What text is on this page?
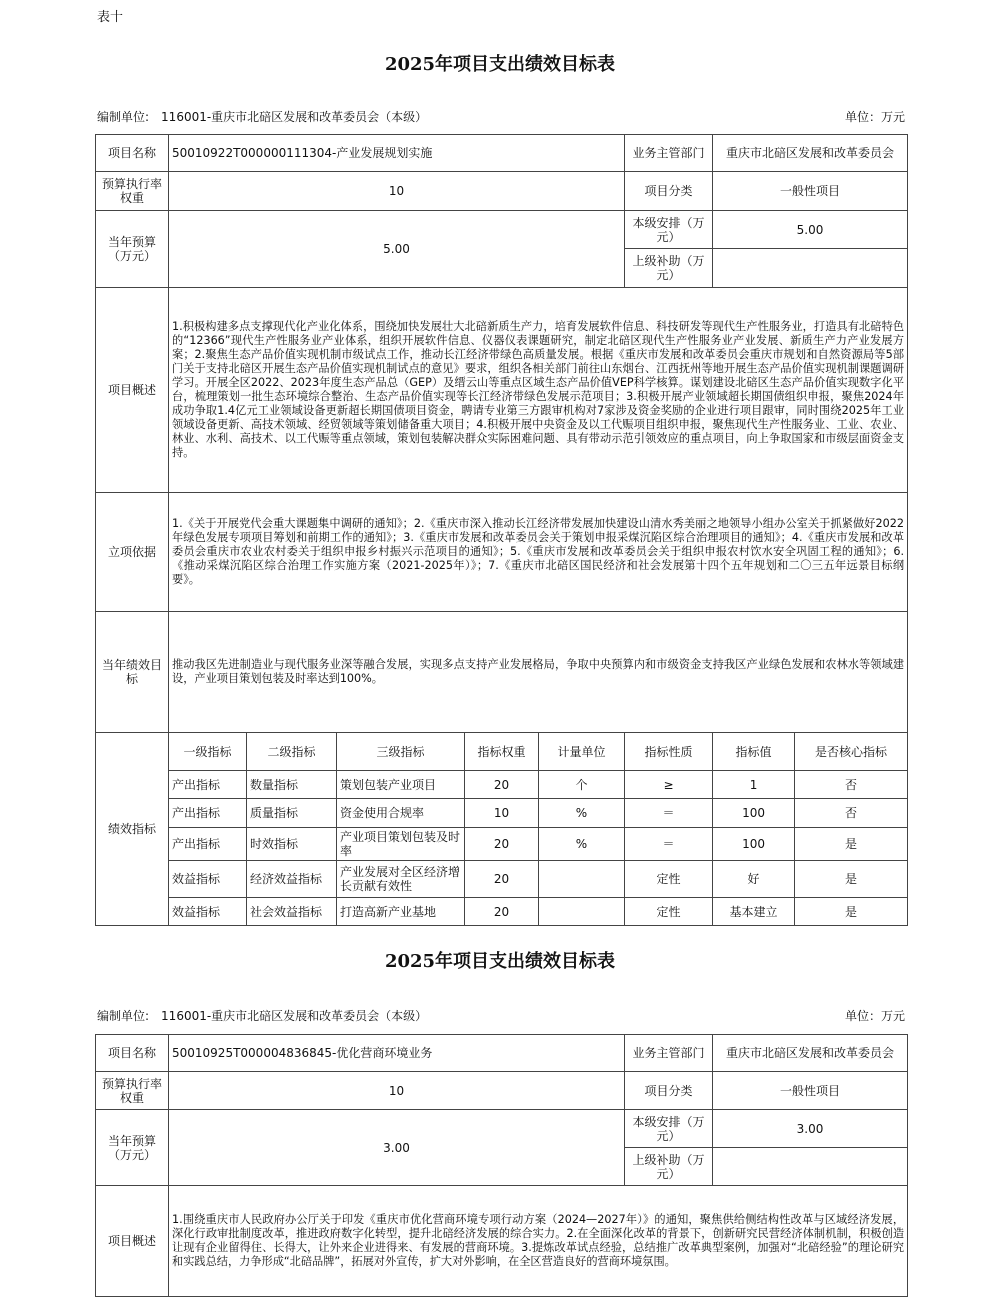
表十
2025年项目支出绩效目标表
编制单位:　116001-重庆市北碚区发展和改革委员会（本级）	单位：万元
项目名称	50010922T000000111304-产业发展规划实施					业务主管部门	重庆市北碚区发展和改革委员会	
预算执行率权重	10					项目分类	一般性项目	
当年预算（万元）	5.00					本级安排（万元）	5.00	
						上级补助（万元）		
项目概述	1.积极构建多点支撑现代化产业化体系，围绕加快发展壮大北碚新质生产力，培育发展软件信息、科技研发等现代生产性服务业，打造具有北碚特色的“12366”现代生产性服务业产业体系，组织开展软件信息、仪器仪表课题研究，制定北碚区现代生产性服务业产业发展、新质生产力产业发展方案；2.聚焦生态产品价值实现机制市级试点工作，推动长江经济带绿色高质量发展。根据《重庆市发展和改革委员会重庆市规划和自然资源局等5部门关于支持北碚区开展生态产品价值实现机制试点的意见》要求，组织各相关部门前往山东烟台、江西抚州等地开展生态产品价值实现机制课题调研学习。开展全区2022、2023年度生态产品总（GEP）及缙云山等重点区域生态产品价值VEP科学核算。谋划建设北碚区生态产品价值实现数字化平台，梳理策划一批生态环境综合整治、生态产品价值实现等长江经济带绿色发展示范项目；3.积极开展产业领域超长期国债组织申报，聚焦2024年成功争取1.4亿元工业领域设备更新超长期国债项目资金，聘请专业第三方跟审机构对7家涉及资金奖励的企业进行项目跟审，同时围绕2025年工业领域设备更新、高技术领域、经贸领域等策划储备重大项目；4.积极开展中央资金及以工代赈项目组织申报，聚焦现代生产性服务业、工业、农业、林业、水利、高技术、以工代赈等重点领域，策划包装解决群众实际困难问题、具有带动示范引领效应的重点项目，向上争取国家和市级层面资金支持。							
立项依据	1.《关于开展党代会重大课题集中调研的通知》；2.《重庆市深入推动长江经济带发展加快建设山清水秀美丽之地领导小组办公室关于抓紧做好2022年绿色发展专项项目筹划和前期工作的通知》；3.《重庆市发展和改革委员会关于策划申报采煤沉陷区综合治理项目的通知》；4.《重庆市发展和改革委员会重庆市农业农村委关于组织申报乡村振兴示范项目的通知》；5.《重庆市发展和改革委员会关于组织申报农村饮水安全巩固工程的通知》；6.《推动采煤沉陷区综合治理工作实施方案（2021-2025年）》；7.《重庆市北碚区国民经济和社会发展第十四个五年规划和二〇三五年远景目标纲要》。							
当年绩效目标	推动我区先进制造业与现代服务业深等融合发展，实现多点支持产业发展格局，争取中央预算内和市级资金支持我区产业绿色发展和农林水等领域建设，产业项目策划包装及时率达到100%。							
绩效指标	一级指标	二级指标	三级指标	指标权重	计量单位	指标性质	指标值	是否核心指标
	产出指标	数量指标	策划包装产业项目	20	个	≥	1	否
	产出指标	质量指标	资金使用合规率	10	%	＝	100	否
	产出指标	时效指标	产业项目策划包装及时率	20	%	＝	100	是
	效益指标	经济效益指标	产业发展对全区经济增长贡献有效性	20		定性	好	是
	效益指标	社会效益指标	打造高新产业基地	20		定性	基本建立	是
2025年项目支出绩效目标表
编制单位:　116001-重庆市北碚区发展和改革委员会（本级）	单位：万元
项目名称	50010925T000004836845-优化营商环境业务	业务主管部门	重庆市北碚区发展和改革委员会
预算执行率权重	10	项目分类	一般性项目
当年预算（万元）	3.00	本级安排（万元）	3.00
		上级补助（万元）	
项目概述	1.围绕重庆市人民政府办公厅关于印发《重庆市优化营商环境专项行动方案（2024—2027年）》的通知，聚焦供给侧结构性改革与区域经济发展，深化行政审批制度改革，推进政府数字化转型，提升北碚经济发展的综合实力。2.在全面深化改革的背景下，创新研究民营经济体制机制，积极创造让现有企业留得住、长得大，让外来企业进得来、有发展的营商环境。3.提炼改革试点经验，总结推广改革典型案例，加强对“北碚经验”的理论研究和实践总结，力争形成“北碚品牌”，拓展对外宣传，扩大对外影响，在全区营造良好的营商环境氛围。		
